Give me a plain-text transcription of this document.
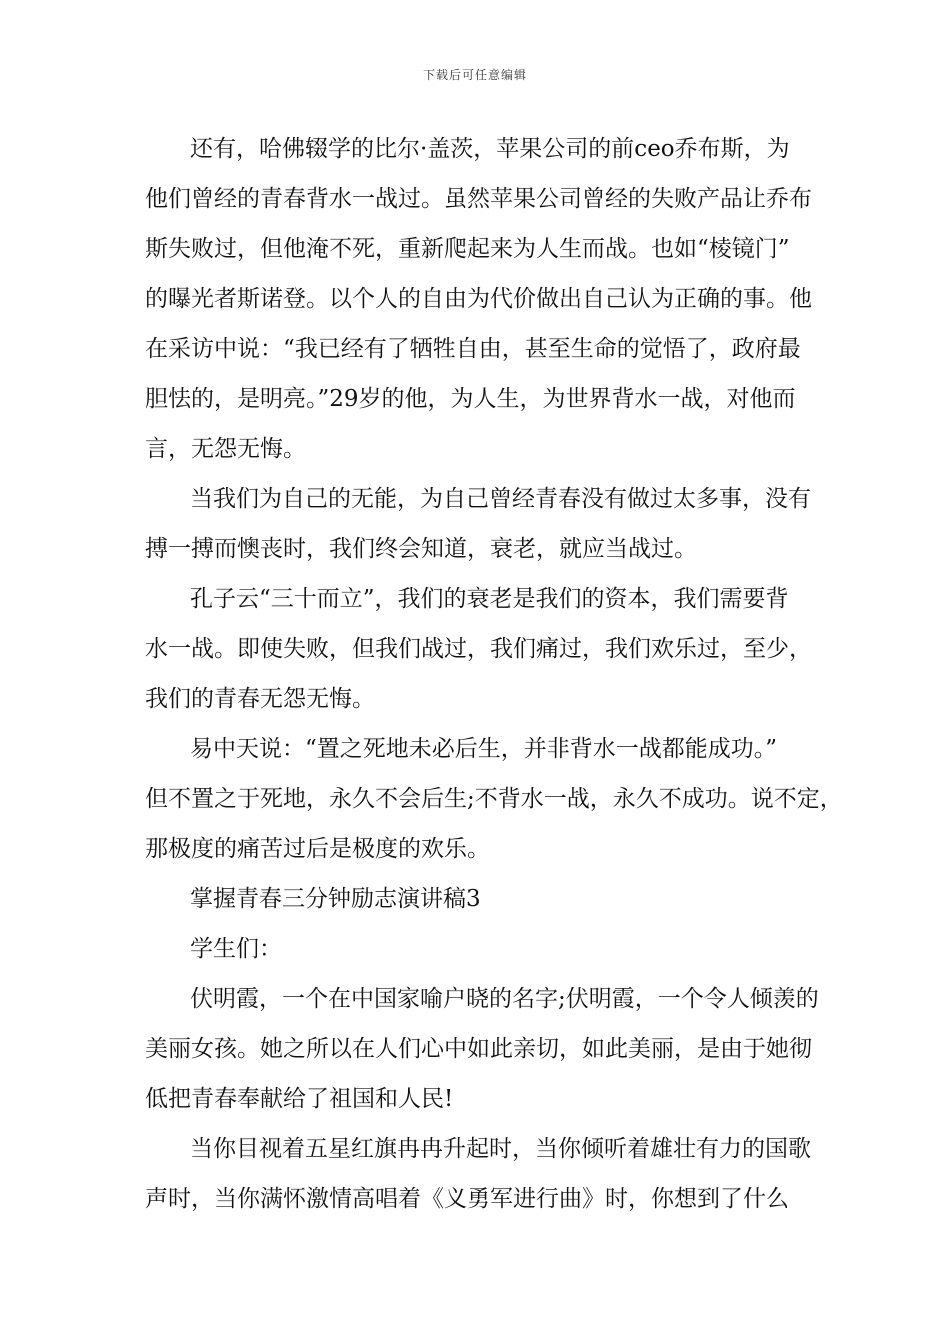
下载后可任意编辑

还有，哈佛辍学的比尔·盖茨，苹果公司的前ceo乔布斯，为

他们曾经的青春背水一战过。虽然苹果公司曾经的失败产品让乔布

斯失败过，但他淹不死，重新爬起来为人生而战。也如“棱镜门”

的曝光者斯诺登。以个人的自由为代价做出自己认为正确的事。他

在采访中说：“我已经有了牺牲自由，甚至生命的觉悟了，政府最

胆怯的，是明亮。”29岁的他，为人生，为世界背水一战，对他而

言，无怨无悔。

当我们为自己的无能，为自己曾经青春没有做过太多事，没有

搏一搏而懊丧时，我们终会知道，衰老，就应当战过。

孔子云“三十而立”，我们的衰老是我们的资本，我们需要背

水一战。即使失败，但我们战过，我们痛过，我们欢乐过，至少，

我们的青春无怨无悔。

易中天说：“置之死地未必后生，并非背水一战都能成功。”

但不置之于死地，永久不会后生;不背水一战，永久不成功。说不定，

那极度的痛苦过后是极度的欢乐。

掌握青春三分钟励志演讲稿3

学生们：

伏明霞，一个在中国家喻户晓的名字;伏明霞，一个令人倾羡的

美丽女孩。她之所以在人们心中如此亲切，如此美丽，是由于她彻

低把青春奉献给了祖国和人民!

当你目视着五星红旗冉冉升起时，当你倾听着雄壮有力的国歌

声时，当你满怀激情高唱着《义勇军进行曲》时，你想到了什么
